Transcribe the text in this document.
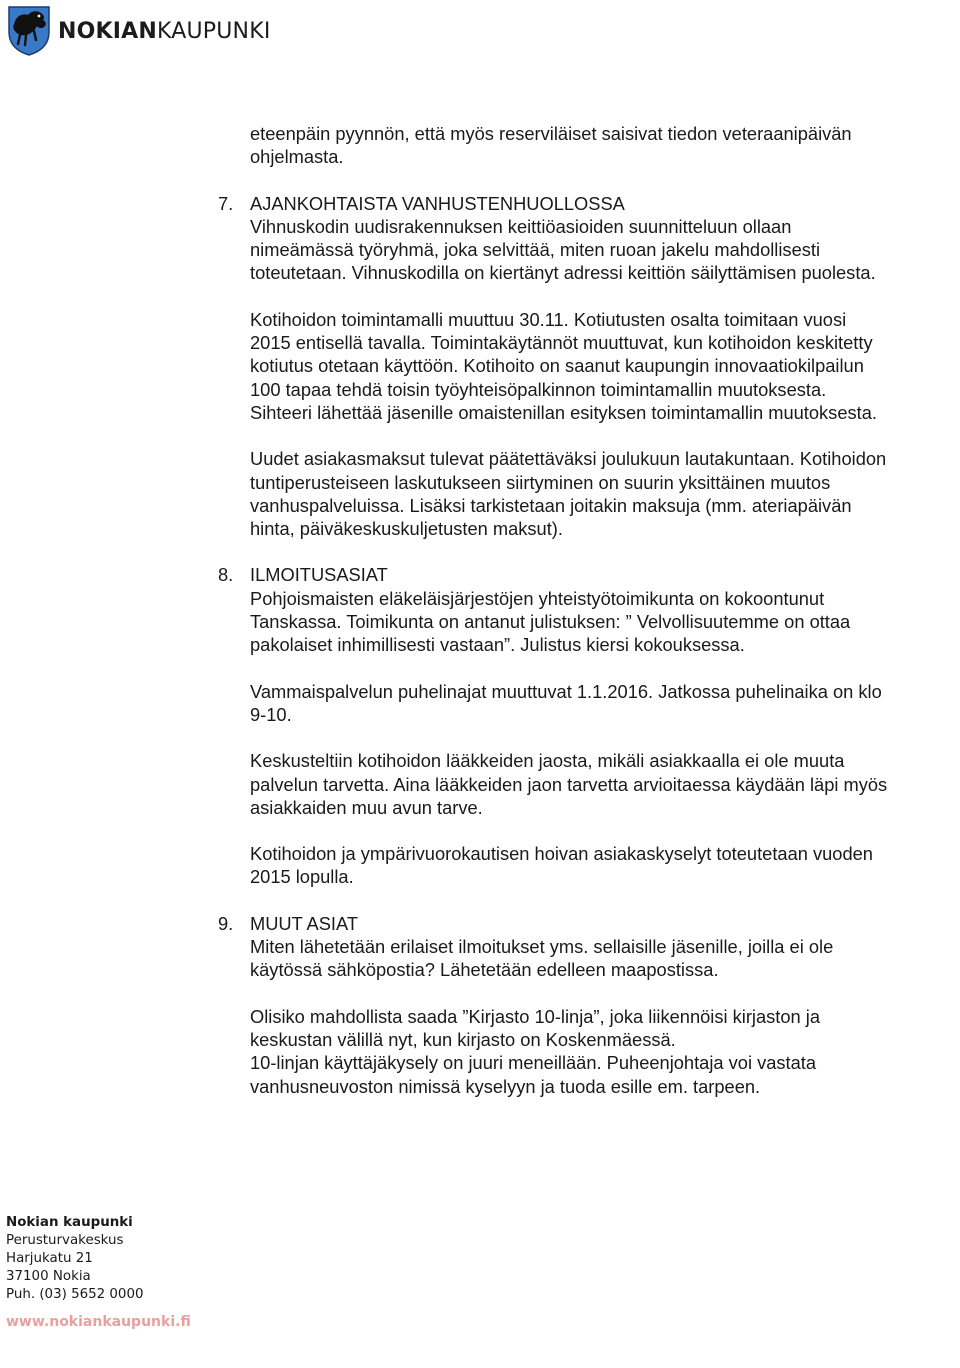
NOKIANKAUPUNKI

eteenpäin pyynnön, että myös reserviläiset saisivat tiedon veteraanipäivän ohjelmasta.

7. AJANKOHTAISTA VANHUSTENHUOLLOSSA

Vihnuskodin uudisrakennuksen keittiöasioiden suunnitteluun ollaan nimeämässä työryhmä, joka selvittää, miten ruoan jakelu mahdollisesti toteutetaan. Vihnuskodilla on kiertänyt adressi keittiön säilyttämisen puolesta.

Kotihoidon toimintamalli muuttuu 30.11. Kotiutusten osalta toimitaan vuosi 2015 entisellä tavalla. Toimintakäytännöt muuttuvat, kun kotihoidon keskitetty kotiutus otetaan käyttöön. Kotihoito on saanut kaupungin innovaatiokilpailun 100 tapaa tehdä toisin työyhteisöpalkinnon toimintamallin muutoksesta. Sihteeri lähettää jäsenille omaistenillan esityksen toimintamallin muutoksesta.

Uudet asiakasmaksut tulevat päätettäväksi joulukuun lautakuntaan. Kotihoidon tuntiperusteiseen laskutukseen siirtyminen on suurin yksittäinen muutos vanhuspalveluissa. Lisäksi tarkistetaan joitakin maksuja (mm. ateriapäivän hinta, päiväkeskuskuljetusten maksut).

8. ILMOITUSASIAT

Pohjoismaisten eläkeläisjärjestöjen yhteistyötoimikunta on kokoontunut Tanskassa. Toimikunta on antanut julistuksen: ” Velvollisuutemme on ottaa pakolaiset inhimillisesti vastaan”. Julistus kiersi kokouksessa.

Vammaispalvelun puhelinajat muuttuvat 1.1.2016. Jatkossa puhelinaika on klo 9-10.

Keskusteltiin kotihoidon lääkkeiden jaosta, mikäli asiakkaalla ei ole muuta palvelun tarvetta. Aina lääkkeiden jaon tarvetta arvioitaessa käydään läpi myös asiakkaiden muu avun tarve.

Kotihoidon ja ympärivuorokautisen hoivan asiakaskyselyt toteutetaan vuoden 2015 lopulla.

9. MUUT ASIAT

Miten lähetetään erilaiset ilmoitukset yms. sellaisille jäsenille, joilla ei ole käytössä sähköpostia? Lähetetään edelleen maapostissa.

Olisiko mahdollista saada ”Kirjasto 10-linja”, joka liikennöisi kirjaston ja keskustan välillä nyt, kun kirjasto on Koskenmäessä.

10-linjan käyttäjäkysely on juuri meneillään. Puheenjohtaja voi vastata vanhusneuvoston nimissä kyselyyn ja tuoda esille em. tarpeen.

Nokian kaupunki
Perusturvakeskus
Harjukatu 21
37100 Nokia
Puh. (03) 5652 0000
www.nokiankaupunki.fi
